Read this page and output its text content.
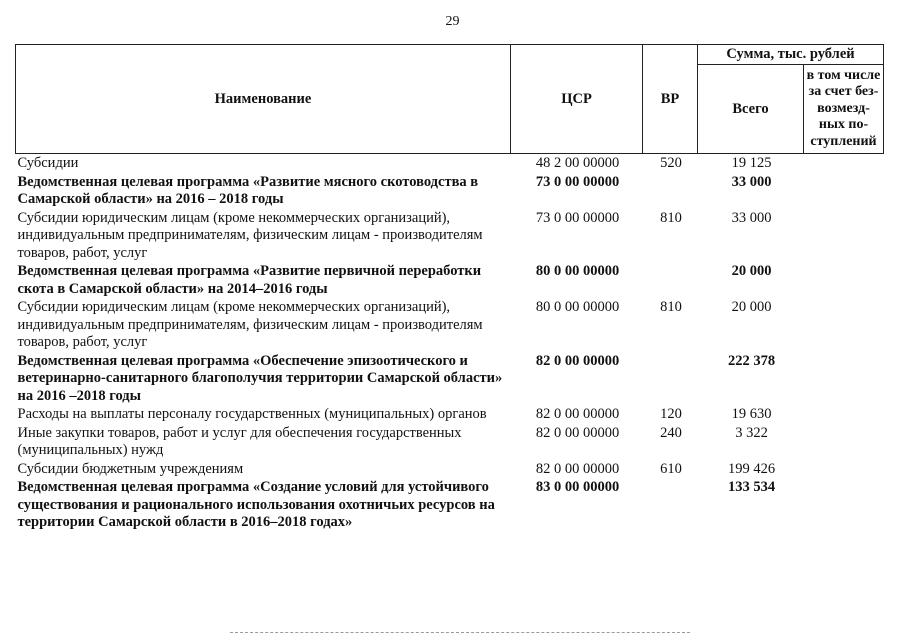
29
Наименование	ЦСР	ВР	Сумма, тыс. рублей	
			Всего	в том числе за счет без-возмезд-ных по-ступлений
Субсидии	48 2 00 00000	520	19 125	
Ведомственная целевая программа «Развитие мясного скотоводства в Самарской области» на 2016 – 2018 годы	73 0 00 00000		33 000	
Субсидии юридическим лицам (кроме некоммерческих организаций), индивидуальным предпринимателям, физическим лицам - производителям товаров, работ, услуг	73 0 00 00000	810	33 000	
Ведомственная целевая программа «Развитие первичной переработки скота в Самарской области» на 2014–2016 годы	80 0 00 00000		20 000	
Субсидии юридическим лицам (кроме некоммерческих организаций), индивидуальным предпринимателям, физическим лицам - производителям товаров, работ, услуг	80 0 00 00000	810	20 000	
Ведомственная целевая программа «Обеспечение эпизоотического и ветеринарно-санитарного благополучия территории Самарской области» на 2016 –2018 годы	82 0 00 00000		222 378	
Расходы на выплаты персоналу государственных (муниципальных) органов	82 0 00 00000	120	19 630	
Иные закупки товаров, работ и услуг для обеспечения государственных (муниципальных) нужд	82 0 00 00000	240	3 322	
Субсидии бюджетным учреждениям	82 0 00 00000	610	199 426	
Ведомственная целевая программа «Создание условий для устойчивого существования и рационального использования охотничьих ресурсов на территории Самарской области в 2016–2018 годах»	83 0 00 00000		133 534	
